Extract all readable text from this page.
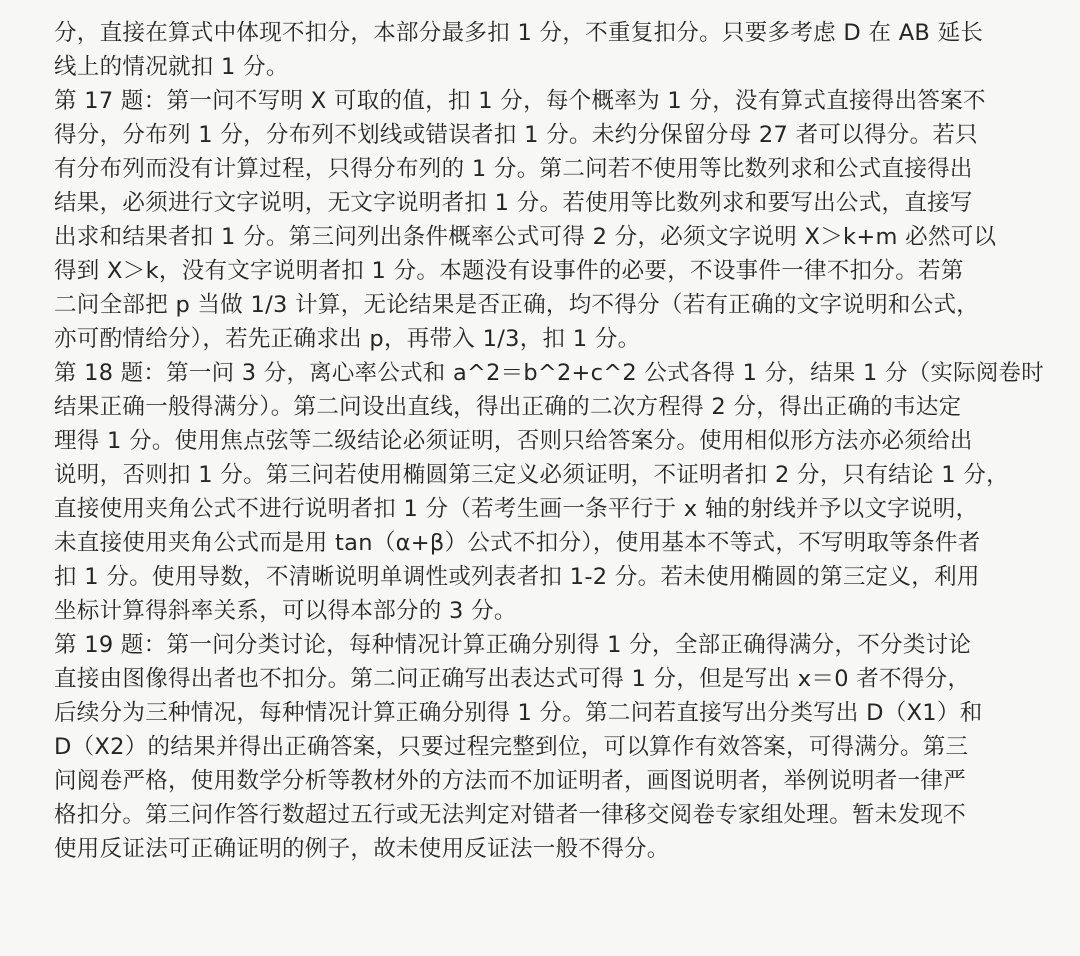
分，直接在算式中体现不扣分，本部分最多扣 1 分，不重复扣分。只要多考虑 D 在 AB 延长
线上的情况就扣 1 分。
第 17 题：第一问不写明 X 可取的值，扣 1 分，每个概率为 1 分，没有算式直接得出答案不
得分，分布列 1 分，分布列不划线或错误者扣 1 分。未约分保留分母 27 者可以得分。若只
有分布列而没有计算过程，只得分布列的 1 分。第二问若不使用等比数列求和公式直接得出
结果，必须进行文字说明，无文字说明者扣 1 分。若使用等比数列求和要写出公式，直接写
出求和结果者扣 1 分。第三问列出条件概率公式可得 2 分，必须文字说明 X＞k+m 必然可以
得到 X＞k，没有文字说明者扣 1 分。本题没有设事件的必要，不设事件一律不扣分。若第
二问全部把 p 当做 1/3 计算，无论结果是否正确，均不得分（若有正确的文字说明和公式，
亦可酌情给分），若先正确求出 p，再带入 1/3，扣 1 分。
第 18 题：第一问 3 分，离心率公式和 a^2＝b^2+c^2 公式各得 1 分，结果 1 分（实际阅卷时
结果正确一般得满分）。第二问设出直线，得出正确的二次方程得 2 分，得出正确的韦达定
理得 1 分。使用焦点弦等二级结论必须证明，否则只给答案分。使用相似形方法亦必须给出
说明，否则扣 1 分。第三问若使用椭圆第三定义必须证明，不证明者扣 2 分，只有结论 1 分，
直接使用夹角公式不进行说明者扣 1 分（若考生画一条平行于 x 轴的射线并予以文字说明，
未直接使用夹角公式而是用 tan（α+β）公式不扣分），使用基本不等式，不写明取等条件者
扣 1 分。使用导数，不清晰说明单调性或列表者扣 1-2 分。若未使用椭圆的第三定义，利用
坐标计算得斜率关系，可以得本部分的 3 分。
第 19 题：第一问分类讨论，每种情况计算正确分别得 1 分，全部正确得满分，不分类讨论
直接由图像得出者也不扣分。第二问正确写出表达式可得 1 分，但是写出 x＝0 者不得分，
后续分为三种情况，每种情况计算正确分别得 1 分。第二问若直接写出分类写出 D（X1）和
D（X2）的结果并得出正确答案，只要过程完整到位，可以算作有效答案，可得满分。第三
问阅卷严格，使用数学分析等教材外的方法而不加证明者，画图说明者，举例说明者一律严
格扣分。第三问作答行数超过五行或无法判定对错者一律移交阅卷专家组处理。暂未发现不
使用反证法可正确证明的例子，故未使用反证法一般不得分。
